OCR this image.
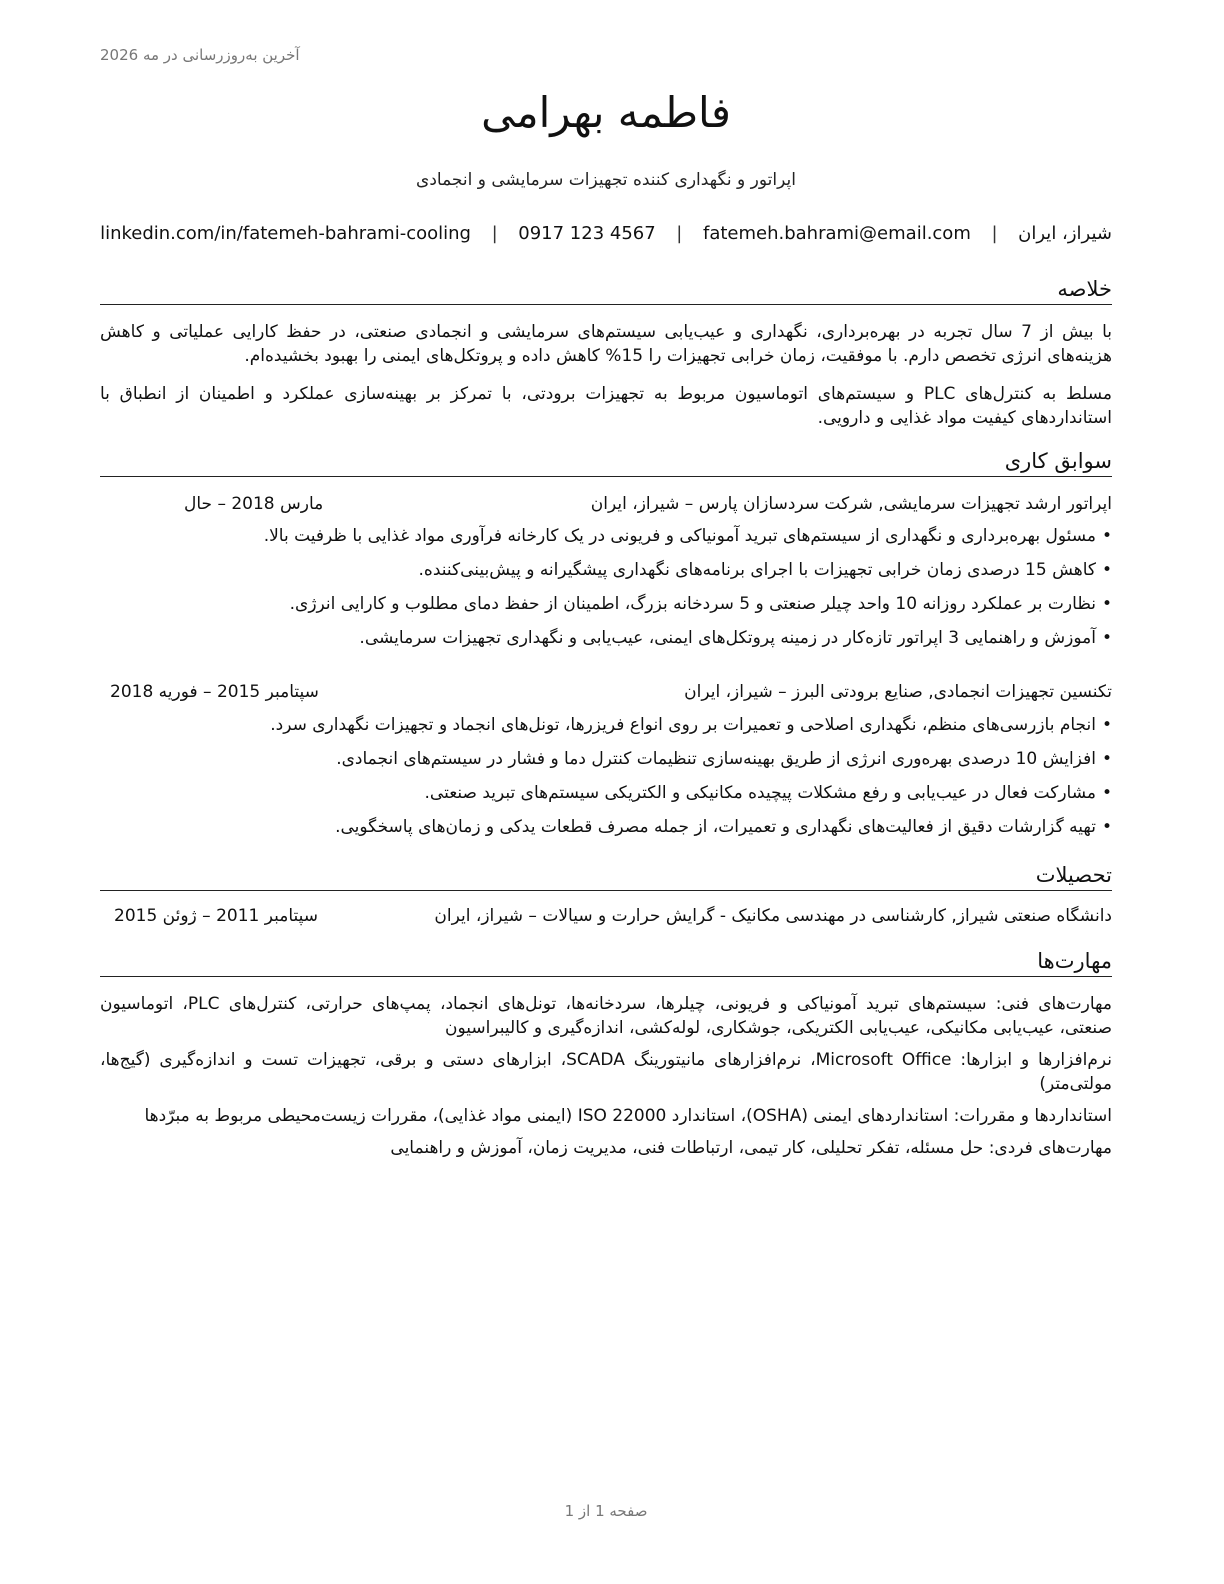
آخرین به‌روزرسانی در مه 2026
فاطمه بهرامی
اپراتور و نگهداری کننده تجهیزات سرمایشی و انجمادی
شیراز، ایران
|
fatemeh.bahrami@email.com
|
0917 123 4567
|
linkedin.com/in/fatemeh-bahrami-cooling
خلاصه
با بیش از 7 سال تجربه در بهره‌برداری، نگهداری و عیب‌یابی سیستم‌های سرمایشی و انجمادی صنعتی، در حفظ کارایی عملیاتی و کاهش هزینه‌های انرژی تخصص دارم. با موفقیت، زمان خرابی تجهیزات را 15% کاهش داده و پروتکل‌های ایمنی را بهبود بخشیده‌ام.
مسلط به کنترل‌های PLC و سیستم‌های اتوماسیون مربوط به تجهیزات برودتی، با تمرکز بر بهینه‌سازی عملکرد و اطمینان از انطباق با استانداردهای کیفیت مواد غذایی و دارویی.
سوابق کاری
اپراتور ارشد تجهیزات سرمایشی, شرکت سردسازان پارس – شیراز، ایران
مارس 2018 – حال
• مسئول بهره‌برداری و نگهداری از سیستم‌های تبرید آمونیاکی و فریونی در یک کارخانه فرآوری مواد غذایی با ظرفیت بالا.
• کاهش 15 درصدی زمان خرابی تجهیزات با اجرای برنامه‌های نگهداری پیشگیرانه و پیش‌بینی‌کننده.
• نظارت بر عملکرد روزانه 10 واحد چیلر صنعتی و 5 سردخانه بزرگ، اطمینان از حفظ دمای مطلوب و کارایی انرژی.
• آموزش و راهنمایی 3 اپراتور تازه‌کار در زمینه پروتکل‌های ایمنی، عیب‌یابی و نگهداری تجهیزات سرمایشی.
تکنسین تجهیزات انجمادی, صنایع برودتی البرز – شیراز، ایران
سپتامبر 2015 – فوریه 2018
• انجام بازرسی‌های منظم، نگهداری اصلاحی و تعمیرات بر روی انواع فریزرها، تونل‌های انجماد و تجهیزات نگهداری سرد.
• افزایش 10 درصدی بهره‌وری انرژی از طریق بهینه‌سازی تنظیمات کنترل دما و فشار در سیستم‌های انجمادی.
• مشارکت فعال در عیب‌یابی و رفع مشکلات پیچیده مکانیکی و الکتریکی سیستم‌های تبرید صنعتی.
• تهیه گزارشات دقیق از فعالیت‌های نگهداری و تعمیرات، از جمله مصرف قطعات یدکی و زمان‌های پاسخگویی.
تحصیلات
دانشگاه صنعتی شیراز, کارشناسی در مهندسی مکانیک - گرایش حرارت و سیالات – شیراز، ایران
سپتامبر 2011 – ژوئن 2015
مهارت‌ها
مهارت‌های فنی: سیستم‌های تبرید آمونیاکی و فریونی، چیلرها، سردخانه‌ها، تونل‌های انجماد، پمپ‌های حرارتی، کنترل‌های PLC، اتوماسیون صنعتی، عیب‌یابی مکانیکی، عیب‌یابی الکتریکی، جوشکاری، لوله‌کشی، اندازه‌گیری و کالیبراسیون
نرم‌افزارها و ابزارها: Microsoft Office، نرم‌افزارهای مانیتورینگ SCADA، ابزارهای دستی و برقی، تجهیزات تست و اندازه‌گیری (گیج‌ها، مولتی‌متر)
استانداردها و مقررات: استانداردهای ایمنی (OSHA)، استاندارد ISO 22000 (ایمنی مواد غذایی)، مقررات زیست‌محیطی مربوط به مبرّدها
مهارت‌های فردی: حل مسئله، تفکر تحلیلی، کار تیمی، ارتباطات فنی، مدیریت زمان، آموزش و راهنمایی
صفحه 1 از 1
